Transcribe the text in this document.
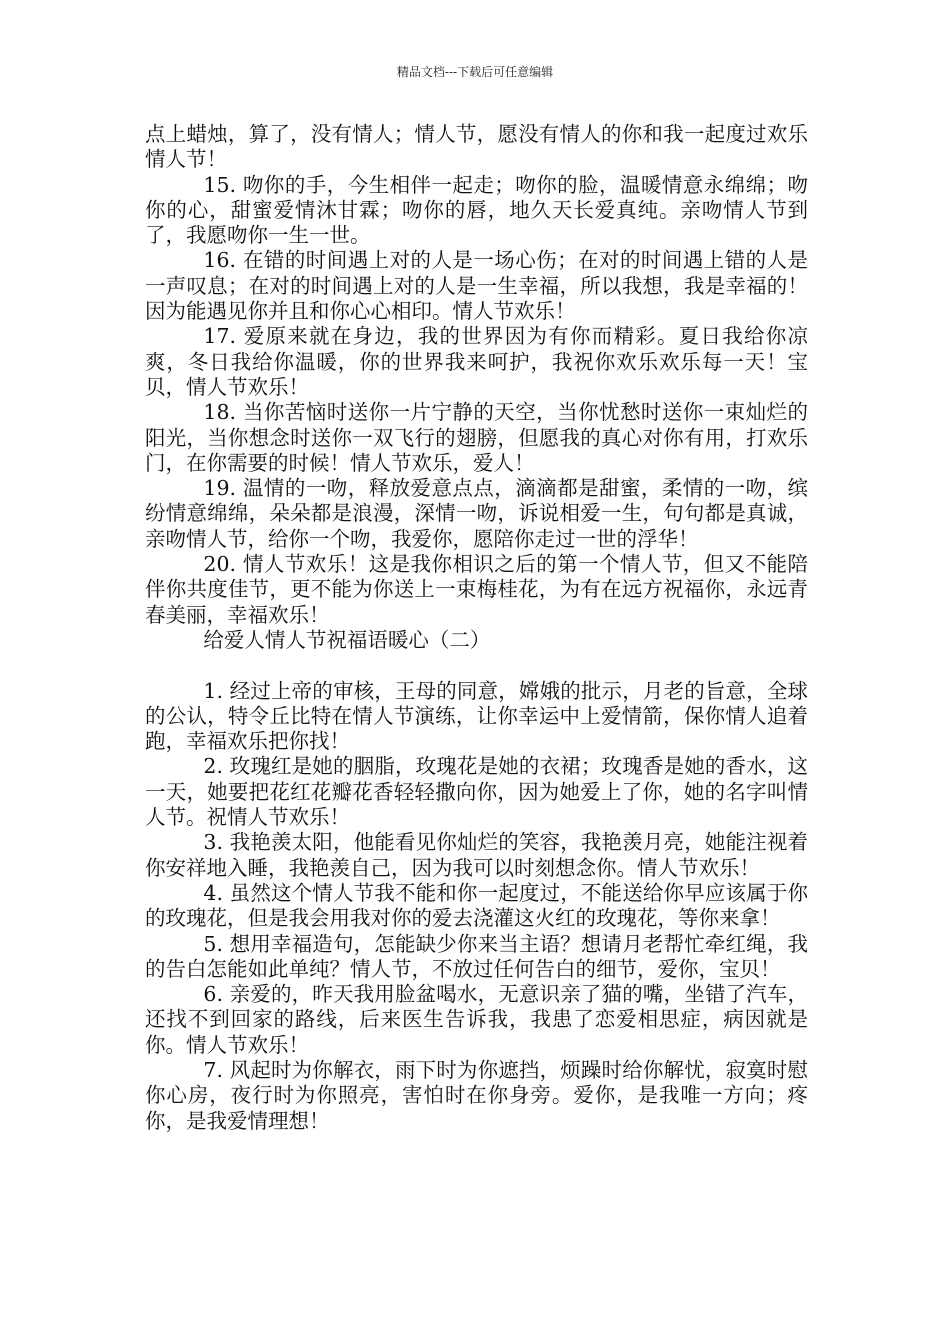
精品文档---下载后可任意编辑

点上蜡烛，算了，没有情人；情人节，愿没有情人的你和我一起度过欢乐情人节！

15. 吻你的手，今生相伴一起走；吻你的脸，温暖情意永绵绵；吻你的心，甜蜜爱情沐甘霖；吻你的唇，地久天长爱真纯。亲吻情人节到了，我愿吻你一生一世。

16. 在错的时间遇上对的人是一场心伤；在对的时间遇上错的人是一声叹息；在对的时间遇上对的人是一生幸福，所以我想，我是幸福的！因为能遇见你并且和你心心相印。情人节欢乐！

17. 爱原来就在身边，我的世界因为有你而精彩。夏日我给你凉爽，冬日我给你温暖，你的世界我来呵护，我祝你欢乐欢乐每一天！宝贝，情人节欢乐！

18. 当你苦恼时送你一片宁静的天空，当你忧愁时送你一束灿烂的阳光，当你想念时送你一双飞行的翅膀，但愿我的真心对你有用，打欢乐门，在你需要的时候！情人节欢乐，爱人！

19. 温情的一吻，释放爱意点点，滴滴都是甜蜜，柔情的一吻，缤纷情意绵绵，朵朵都是浪漫，深情一吻，诉说相爱一生，句句都是真诚，亲吻情人节，给你一个吻，我爱你，愿陪你走过一世的浮华！

20. 情人节欢乐！这是我你相识之后的第一个情人节，但又不能陪伴你共度佳节，更不能为你送上一束梅桂花，为有在远方祝福你，永远青春美丽，幸福欢乐！

给爱人情人节祝福语暖心（二）

1. 经过上帝的审核，王母的同意，嫦娥的批示，月老的旨意，全球的公认，特令丘比特在情人节演练，让你幸运中上爱情箭，保你情人追着跑，幸福欢乐把你找！

2. 玫瑰红是她的胭脂，玫瑰花是她的衣裙；玫瑰香是她的香水，这一天，她要把花红花瓣花香轻轻撒向你，因为她爱上了你，她的名字叫情人节。祝情人节欢乐！

3. 我艳羡太阳，他能看见你灿烂的笑容，我艳羡月亮，她能注视着你安祥地入睡，我艳羡自己，因为我可以时刻想念你。情人节欢乐！

4. 虽然这个情人节我不能和你一起度过，不能送给你早应该属于你的玫瑰花，但是我会用我对你的爱去浇灌这火红的玫瑰花，等你来拿！

5. 想用幸福造句，怎能缺少你来当主语？想请月老帮忙牵红绳，我的告白怎能如此单纯？情人节，不放过任何告白的细节，爱你，宝贝！

6. 亲爱的，昨天我用脸盆喝水，无意识亲了猫的嘴，坐错了汽车，还找不到回家的路线，后来医生告诉我，我患了恋爱相思症，病因就是你。情人节欢乐！

7. 风起时为你解衣，雨下时为你遮挡，烦躁时给你解忧，寂寞时慰你心房，夜行时为你照亮，害怕时在你身旁。爱你，是我唯一方向；疼你，是我爱情理想！
